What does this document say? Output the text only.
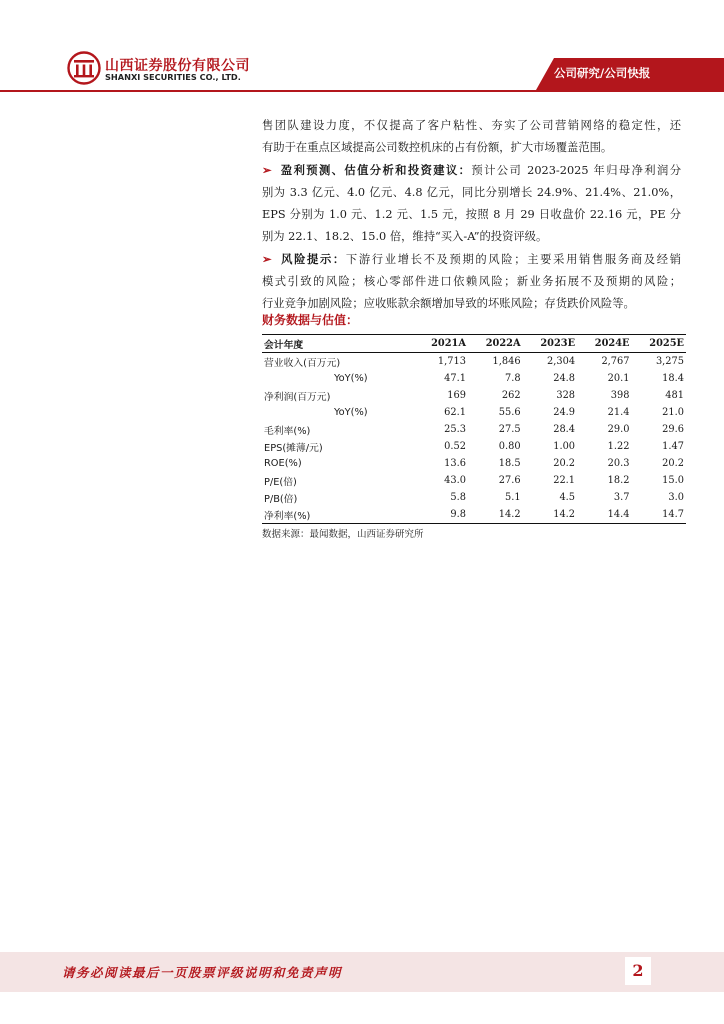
山西证券股份有限公司
SHANXI SECURITIES CO., LTD.	公司研究/公司快报

售团队建设力度，不仅提高了客户粘性、夯实了公司营销网络的稳定性，还

有助于在重点区域提高公司数控机床的占有份额，扩大市场覆盖范围。

➢ 盈利预测、估值分析和投资建议：预计公司 2023-2025 年归母净利润分

别为 3.3 亿元、4.0 亿元、4.8 亿元，同比分别增长 24.9%、21.4%、21.0%，

EPS 分别为 1.0 元、1.2 元、1.5 元，按照 8 月 29 日收盘价 22.16 元，PE 分

别为 22.1、18.2、15.0 倍，维持“买入-A”的投资评级。

➢ 风险提示：下游行业增长不及预期的风险；主要采用销售服务商及经销

模式引致的风险；核心零部件进口依赖风险；新业务拓展不及预期的风险；

行业竞争加剧风险；应收账款余额增加导致的坏账风险；存货跌价风险等。

财务数据与估值：
会计年度	2021A	2022A	2023E	2024E	2025E
营业收入(百万元)	1,713	1,846	2,304	2,767	3,275
YoY(%)	47.1	7.8	24.8	20.1	18.4
净利润(百万元)	169	262	328	398	481
YoY(%)	62.1	55.6	24.9	21.4	21.0
毛利率(%)	25.3	27.5	28.4	29.0	29.6
EPS(摊薄/元)	0.52	0.80	1.00	1.22	1.47
ROE(%)	13.6	18.5	20.2	20.3	20.2
P/E(倍)	43.0	27.6	22.1	18.2	15.0
P/B(倍)	5.8	5.1	4.5	3.7	3.0
净利率(%)	9.8	14.2	14.2	14.4	14.7
数据来源：最闻数据，山西证券研究所
请务必阅读最后一页股票评级说明和免责声明	2
